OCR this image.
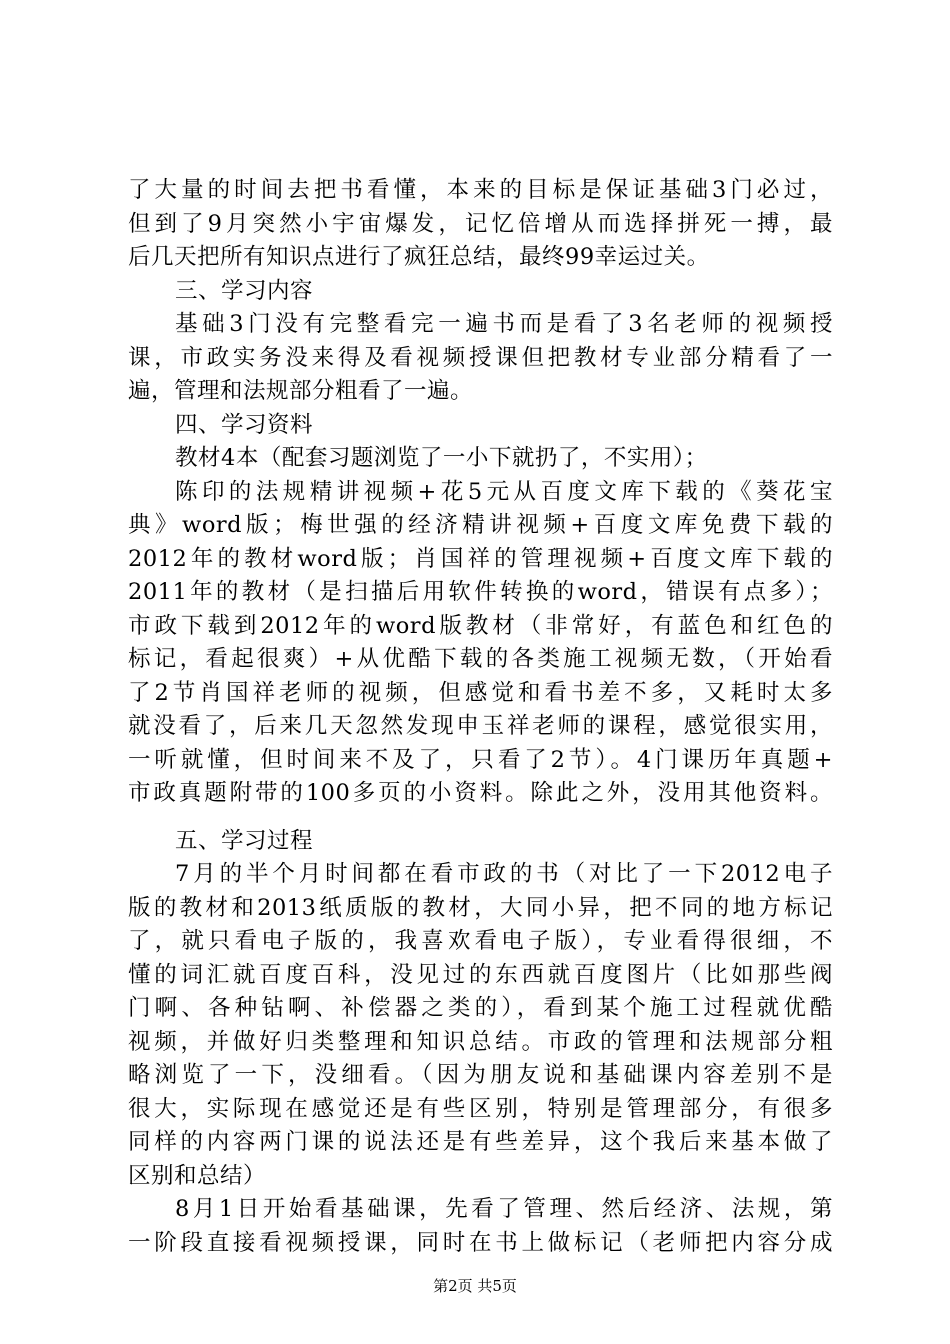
了大量的时间去把书看懂，本来的目标是保证基础3门必过，
但到了9月突然小宇宙爆发，记忆倍增从而选择拼死一搏，最
后几天把所有知识点进行了疯狂总结，最终99幸运过关。
三、学习内容
基础3门没有完整看完一遍书而是看了3名老师的视频授
课，市政实务没来得及看视频授课但把教材专业部分精看了一
遍，管理和法规部分粗看了一遍。
四、学习资料
教材4本（配套习题浏览了一小下就扔了，不实用）；
陈印的法规精讲视频+花5元从百度文库下载的《葵花宝
典》word版；梅世强的经济精讲视频+百度文库免费下载的
2012年的教材word版；肖国祥的管理视频+百度文库下载的
2011年的教材（是扫描后用软件转换的word，错误有点多）；
市政下载到2012年的word版教材（非常好，有蓝色和红色的
标记，看起很爽）+从优酷下载的各类施工视频无数，（开始看
了2节肖国祥老师的视频，但感觉和看书差不多，又耗时太多
就没看了，后来几天忽然发现申玉祥老师的课程，感觉很实用，
一听就懂，但时间来不及了，只看了2节）。4门课历年真题+
市政真题附带的100多页的小资料。除此之外，没用其他资料。
五、学习过程
7月的半个月时间都在看市政的书（对比了一下2012电子
版的教材和2013纸质版的教材，大同小异，把不同的地方标记
了，就只看电子版的，我喜欢看电子版），专业看得很细，不
懂的词汇就百度百科，没见过的东西就百度图片（比如那些阀
门啊、各种钻啊、补偿器之类的），看到某个施工过程就优酷
视频，并做好归类整理和知识总结。市政的管理和法规部分粗
略浏览了一下，没细看。（因为朋友说和基础课内容差别不是
很大，实际现在感觉还是有些区别，特别是管理部分，有很多
同样的内容两门课的说法还是有些差异，这个我后来基本做了
区别和总结）
8月1日开始看基础课，先看了管理、然后经济、法规，第
一阶段直接看视频授课，同时在书上做标记（老师把内容分成
第2页 共5页
